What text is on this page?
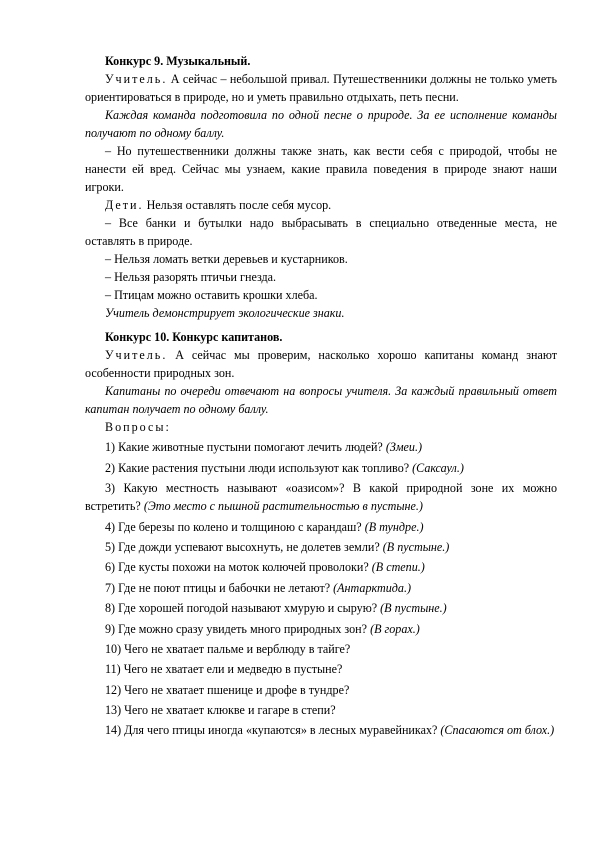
Конкурс 9. Музыкальный.

Учитель. А сейчас – небольшой привал. Путешественники должны не только уметь ориентироваться в природе, но и уметь правильно отдыхать, петь песни.

Каждая команда подготовила по одной песне о природе. За ее исполнение команды получают по одному баллу.

– Но путешественники должны также знать, как вести себя с природой, чтобы не нанести ей вред. Сейчас мы узнаем, какие правила поведения в природе знают наши игроки.

Дети. Нельзя оставлять после себя мусор.

– Все банки и бутылки надо выбрасывать в специально отведенные места, не оставлять в природе.

– Нельзя ломать ветки деревьев и кустарников.

– Нельзя разорять птичьи гнезда.

– Птицам можно оставить крошки хлеба.

Учитель демонстрирует экологические знаки.

Конкурс 10. Конкурс капитанов.

Учитель. А сейчас мы проверим, насколько хорошо капитаны команд знают особенности природных зон.

Капитаны по очереди отвечают на вопросы учителя. За каждый правильный ответ капитан получает по одному баллу.

Вопросы:

1) Какие животные пустыни помогают лечить людей? (Змеи.)

2) Какие растения пустыни люди используют как топливо? (Саксаул.)

3) Какую местность называют «оазисом»? В какой природной зоне их можно встретить? (Это место с пышной растительностью в пустыне.)

4) Где березы по колено и толщиною с карандаш? (В тундре.)

5) Где дожди успевают высохнуть, не долетев земли? (В пустыне.)

6) Где кусты похожи на моток колючей проволоки? (В степи.)

7) Где не поют птицы и бабочки не летают? (Антарктида.)

8) Где хорошей погодой называют хмурую и сырую? (В пустыне.)

9) Где можно сразу увидеть много природных зон? (В горах.)

10) Чего не хватает пальме и верблюду в тайге?

11) Чего не хватает ели и медведю в пустыне?

12) Чего не хватает пшенице и дрофе в тундре?

13) Чего не хватает клюкве и гагаре в степи?

14) Для чего птицы иногда «купаются» в лесных муравейниках? (Спасаются от блох.)
